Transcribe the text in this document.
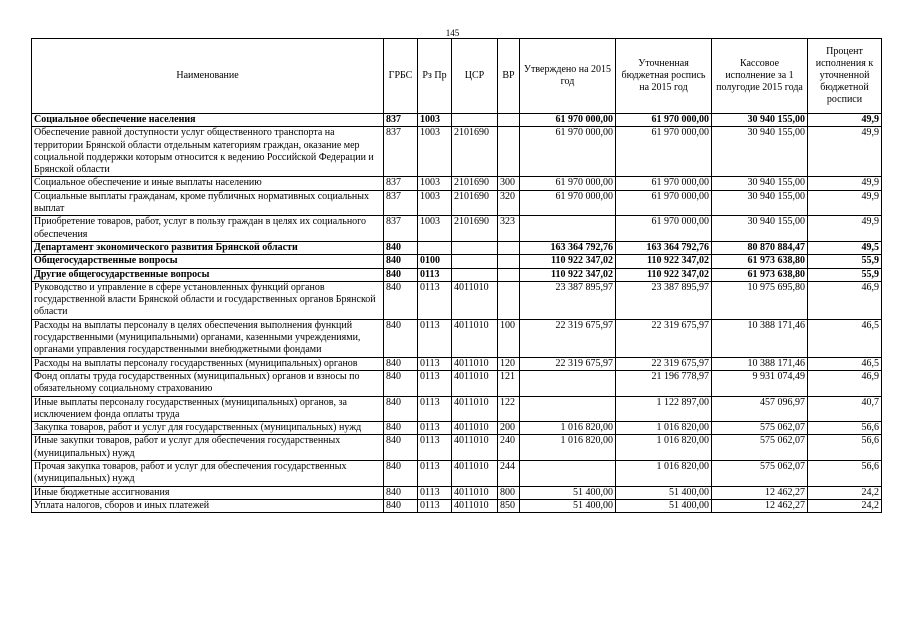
145
Наименование	ГРБС	Рз Пр	ЦСР	ВР	Утверждено на 2015 год	Уточненная бюджетная роспись на 2015 год	Кассовое исполнение за 1 полугодие 2015 года	Процент исполнения к уточненной бюджетной росписи
Социальное обеспечение населения	837	1003			61 970 000,00	61 970 000,00	30 940 155,00	49,9
Обеспечение равной доступности услуг общественного транспорта на территории Брянской области отдельным категориям граждан, оказание мер социальной поддержки которым относится к ведению Российской Федерации и Брянской области	837	1003	2101690		61 970 000,00	61 970 000,00	30 940 155,00	49,9
Социальное обеспечение и иные выплаты населению	837	1003	2101690	300	61 970 000,00	61 970 000,00	30 940 155,00	49,9
Социальные выплаты гражданам, кроме публичных нормативных социальных выплат	837	1003	2101690	320	61 970 000,00	61 970 000,00	30 940 155,00	49,9
Приобретение товаров, работ, услуг в пользу граждан в целях их социального обеспечения	837	1003	2101690	323		61 970 000,00	30 940 155,00	49,9
Департамент экономического развития Брянской области	840				163 364 792,76	163 364 792,76	80 870 884,47	49,5
Общегосударственные вопросы	840	0100			110 922 347,02	110 922 347,02	61 973 638,80	55,9
Другие общегосударственные вопросы	840	0113			110 922 347,02	110 922 347,02	61 973 638,80	55,9
Руководство и управление в сфере установленных функций органов государственной власти Брянской области и государственных органов Брянской области	840	0113	4011010		23 387 895,97	23 387 895,97	10 975 695,80	46,9
Расходы на выплаты персоналу в целях обеспечения выполнения функций государственными (муниципальными) органами, казенными учреждениями, органами управления государственными внебюджетными фондами	840	0113	4011010	100	22 319 675,97	22 319 675,97	10 388 171,46	46,5
Расходы на выплаты персоналу государственных (муниципальных) органов	840	0113	4011010	120	22 319 675,97	22 319 675,97	10 388 171,46	46,5
Фонд оплаты труда государственных (муниципальных) органов и взносы по обязательному социальному страхованию	840	0113	4011010	121		21 196 778,97	9 931 074,49	46,9
Иные выплаты персоналу государственных (муниципальных) органов, за исключением фонда оплаты труда	840	0113	4011010	122		1 122 897,00	457 096,97	40,7
Закупка товаров, работ и услуг для государственных (муниципальных) нужд	840	0113	4011010	200	1 016 820,00	1 016 820,00	575 062,07	56,6
Иные закупки товаров, работ и услуг для обеспечения государственных (муниципальных) нужд	840	0113	4011010	240	1 016 820,00	1 016 820,00	575 062,07	56,6
Прочая закупка товаров, работ и услуг для обеспечения государственных (муниципальных) нужд	840	0113	4011010	244		1 016 820,00	575 062,07	56,6
Иные бюджетные ассигнования	840	0113	4011010	800	51 400,00	51 400,00	12 462,27	24,2
Уплата налогов, сборов и иных платежей	840	0113	4011010	850	51 400,00	51 400,00	12 462,27	24,2
